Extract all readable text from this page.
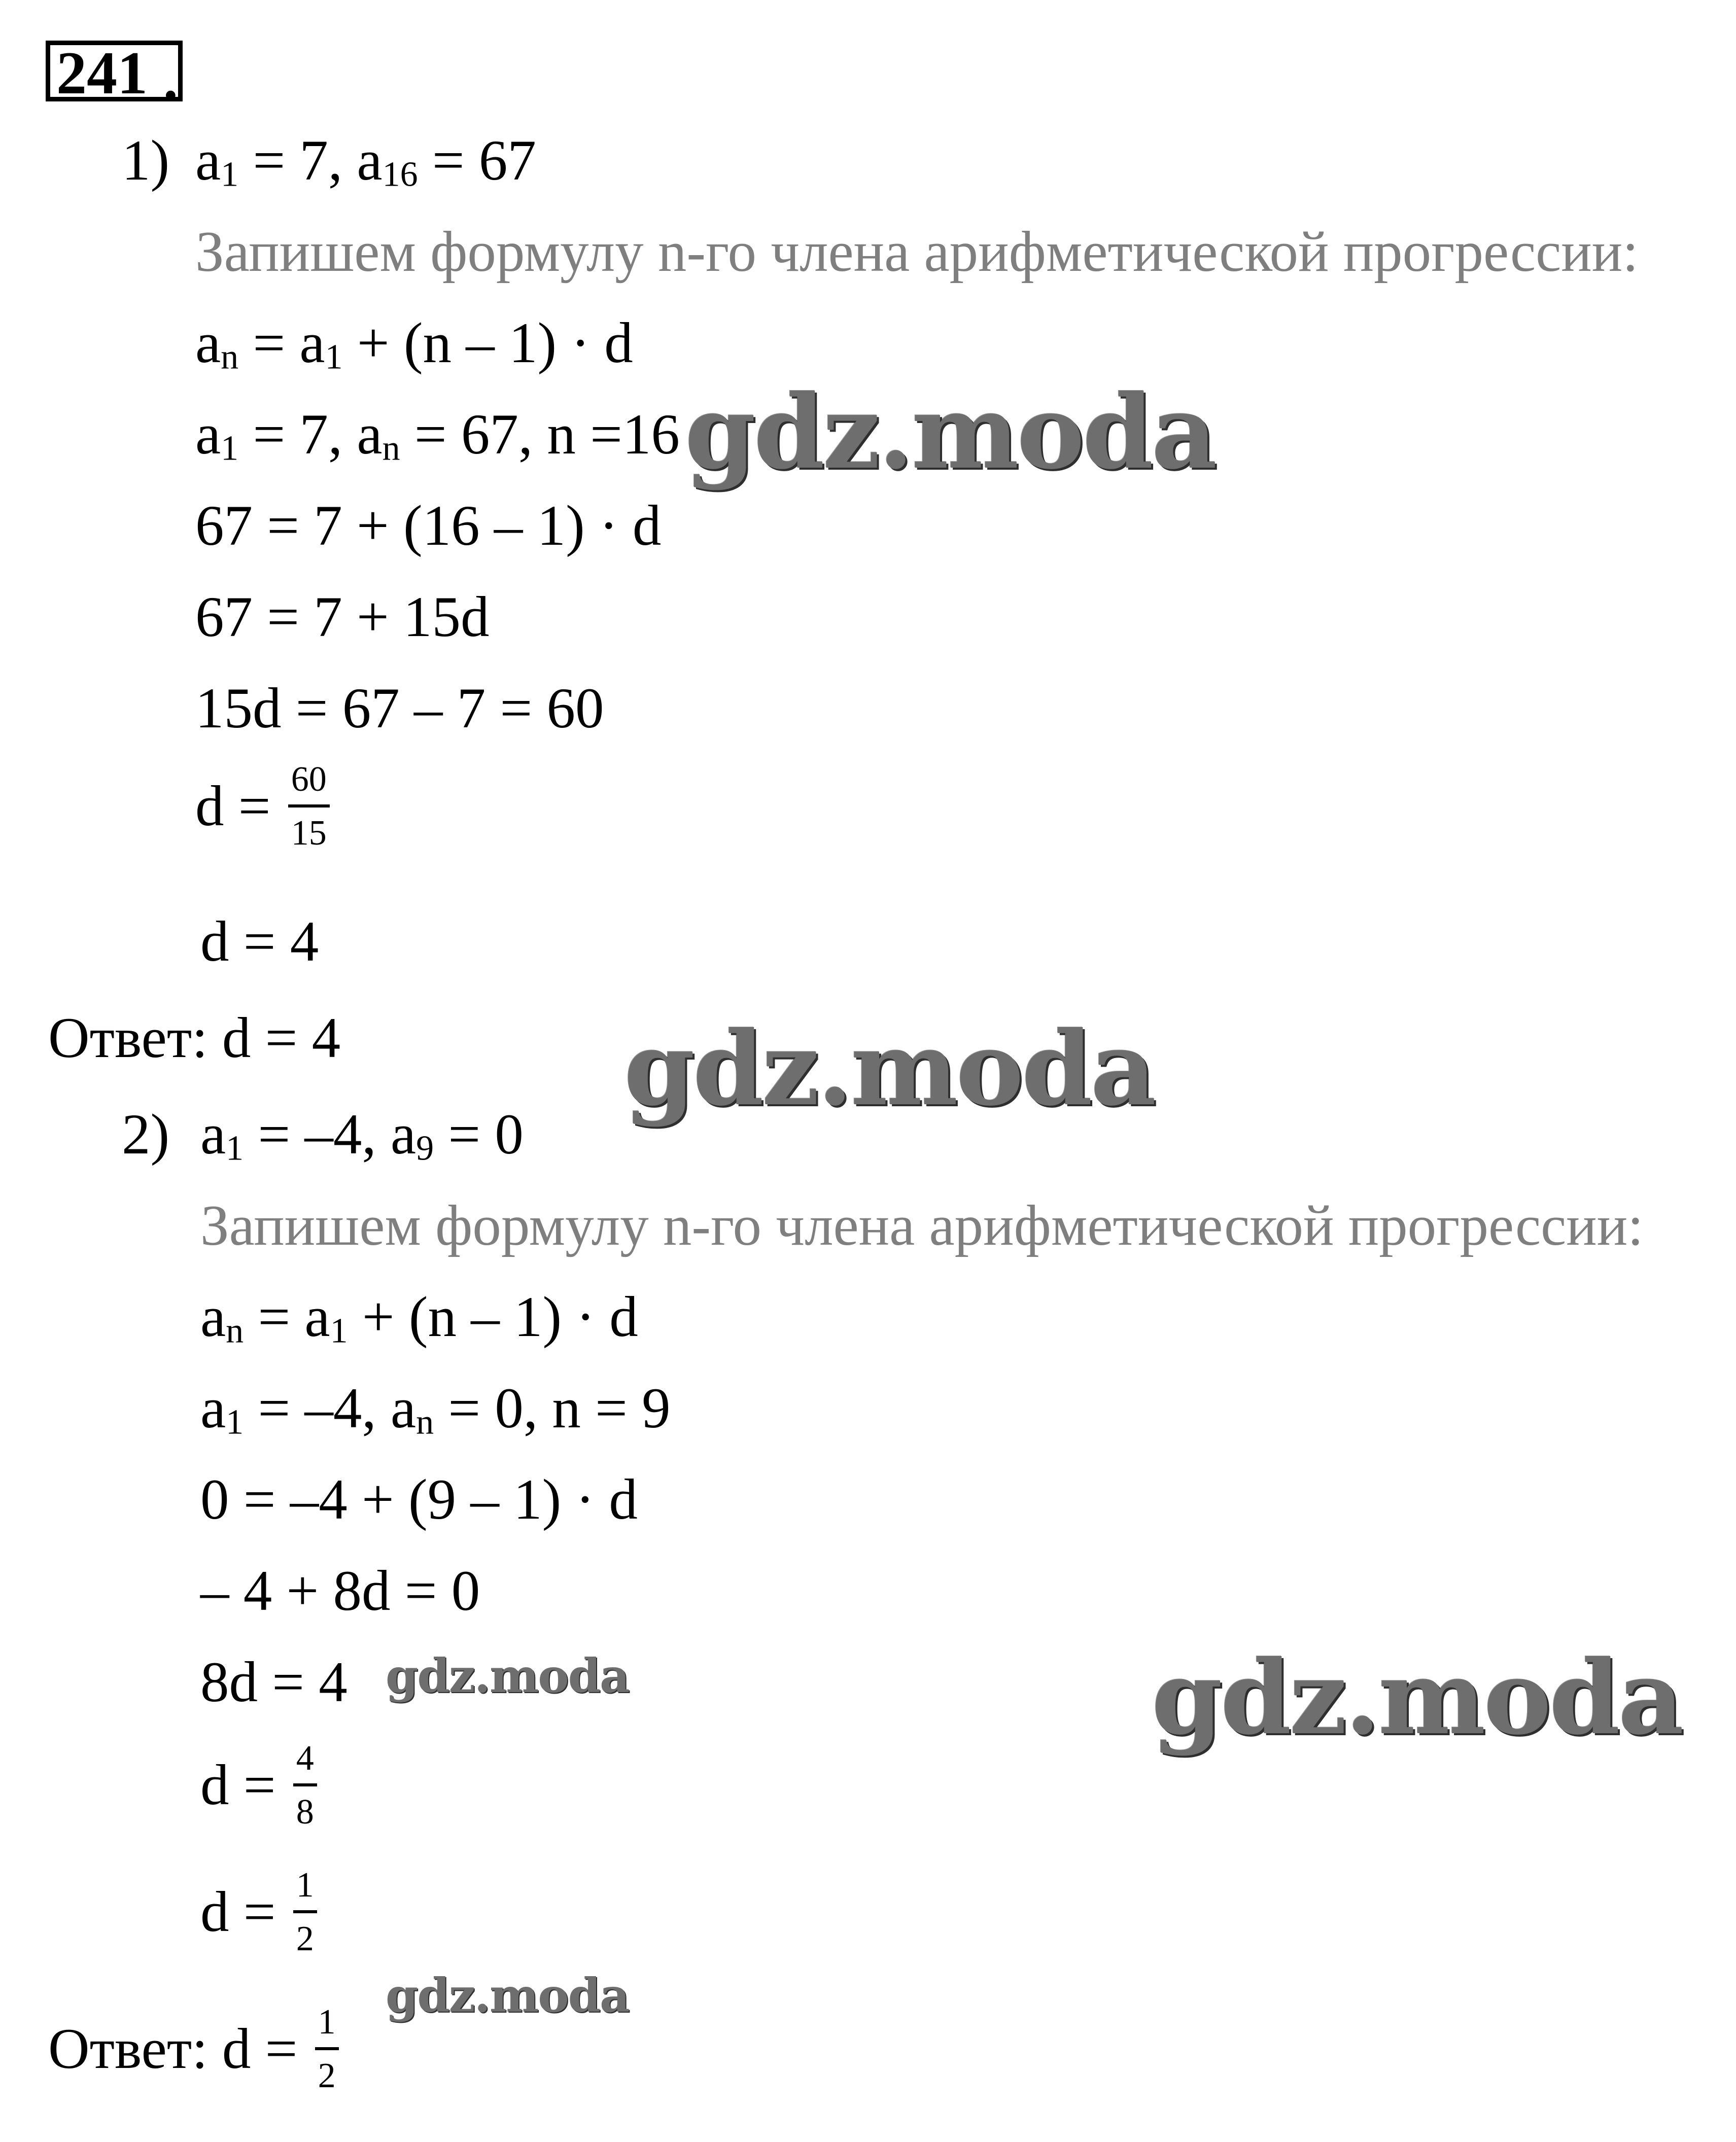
241 .
1) $a_1 = 7$, $a_{16} = 67$
Запишем формулу n-го члена арифметической прогрессии:
$a_n = a_1 + (n - 1) \cdot d$
$a_1 = 7$, $a_n = 67$, n =16
67 = 7 + (16 – 1) · d
67 = 7 + 15d
15d = 67 – 7 = 60
$d = \frac{60}{15}$
d = 4
Ответ: d = 4
2) $a_1 = -4$, $a_9 = 0$
Запишем формулу n-го члена арифметической прогрессии:
$a_n = a_1 + (n - 1) \cdot d$
$a_1 = -4$, $a_n = 0$, n = 9
0 = –4 + (9 – 1) · d
– 4 + 8d = 0
8d = 4
$d = \frac{4}{8}$
$d = \frac{1}{2}$
Ответ: $d = \frac{1}{2}$
gdz.moda
gdz.moda
gdz.moda
gdz.moda
gdz.moda
